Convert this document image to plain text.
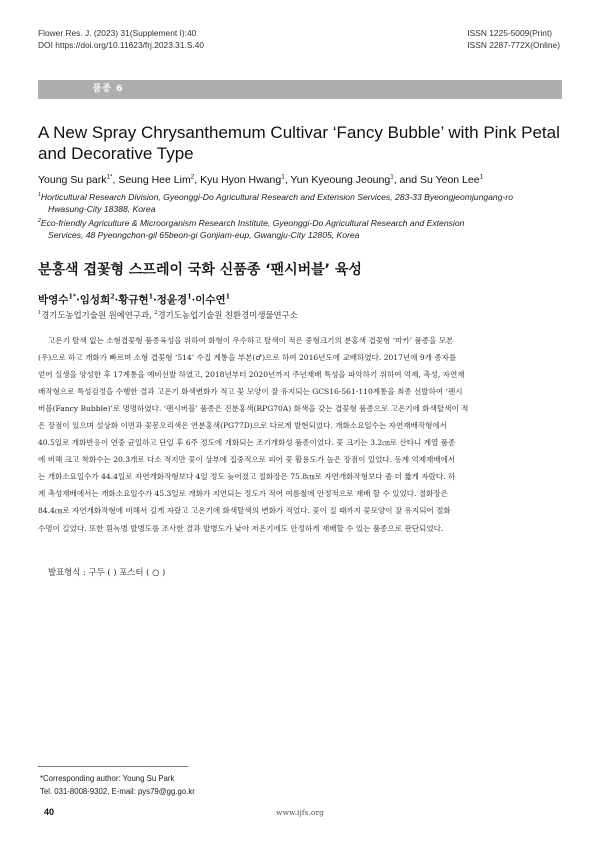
Flower Res. J. (2023) 31(Supplement I):40
DOI https://doi.org/10.11623/frj.2023.31.S.40
ISSN 1225-5009(Print)
ISSN 2287-772X(Online)
품종 6
A New Spray Chrysanthemum Cultivar ‘Fancy Bubble’ with Pink Petal and Decorative Type
Young Su park$^{1*}$, Seung Hee Lim$^2$, Kyu Hyon Hwang$^1$, Yun Kyeoung Jeoung$^1$, and Su Yeon Lee$^1$
$^1$Horticultural Research Division, Gyeonggi-Do Agricultural Research and Extension Services, 283-33 Byeongjeomjungang-ro
Hwasung-City 18388, Korea
$^2$Eco-friendly Agriculture & Microorganism Research Institute, Gyeonggi-Do Agricultural Research and Extension
Services, 48 Pyeongchon-gil 65beon-gi Gonjiam-eup, Gwangju-City 12805, Korea
분홍색 겹꽃형 스프레이 국화 신품종 ‘팬시버블’ 육성
박영수$^{1*}$·임성희$^2$·황규현$^1$·정윤경$^1$·이수연$^1$
$^1$경기도농업기술원 원예연구과, $^2$경기도농업기술원 친환경미생물연구소
고온기 탈색 없는 소형겹꽃형 품종육성을 위하여 화형이 우수하고 탈색이 적은 중형크기의 분홍색 겹꽃형 ‘마카’ 품종을 모본
(우)으로 하고 개화가 빠르며 소형 겹꽃형 ‘514’ 수집 계통을 부본(♂)으로 하여 2016년도에 교배하였다. 2017년에 9개 종자를
얻어 실생을 양성한 후 17계통을 예비선발 하였고, 2018년부터 2020년까지 주년재배 특성을 파악하기 위하여 억제, 촉성, 자연재
배작형으로 특성검정을 수행한 결과 고온기 화색변화가 적고 꽃 모양이 잘 유지되는 GCS16-561-110계통을 최종 선발하여 ‘팬시
버블(Fancy Bubble)’로 명명하였다. ‘팬시버블’ 품종은 진분홍색(RPG70A) 화색을 갖는 겹꽃형 품종으로 고온기에 화색탈색이 적
은 장점이 있으며 설상화 이면과 꽃봉오리색은 연분홍색(PG77D)으로 다르게 발현되었다. 개화소요일수는 자연재배작형에서
40.5일로 개화반응이 연중 균일하고 단일 후 6주 정도에 개화되는 조기개화성 품종이었다. 꽃 크기는 3.2㎝로 산타니 계열 품종
에 비해 크고 착화수는 20.3개로 다소 적지만 꽃이 상부에 집중적으로 피어 꽃 활용도가 높은 장점이 있었다. 동계 억제재배에서
는 개화소요일수가 44.4일로 자연개화작형보다 4일 정도 늦어졌고 절화장은 75.8㎝로 자연개화작형보다 좀 더 짧게 자랐다. 하
계 촉성재배에서는 개화소요일수가 45.3일로 개화가 지연되는 정도가 적어 여름철에 안정적으로 재배 할 수 있었다. 절화장은
84.4㎝로 자연개화작형에 비해서 길게 자랐고 고온기에 화색탈색의 변화가 적었다. 꽃이 질 때까지 꽃모양이 잘 유지되어 절화
수명이 길었다. 또한 흰녹병 발병도를 조사한 결과 발병도가 낮아 저온기에도 안정하게 재배할 수 있는 품종으로 판단되었다.
발표형식 : 구두 ( ) 포스터 ( ○ )
*Corresponding author: Young Su Park
Tel. 031-8008-9302, E-mail: pys79@gg.go.kr
40	www.ijfs.org
